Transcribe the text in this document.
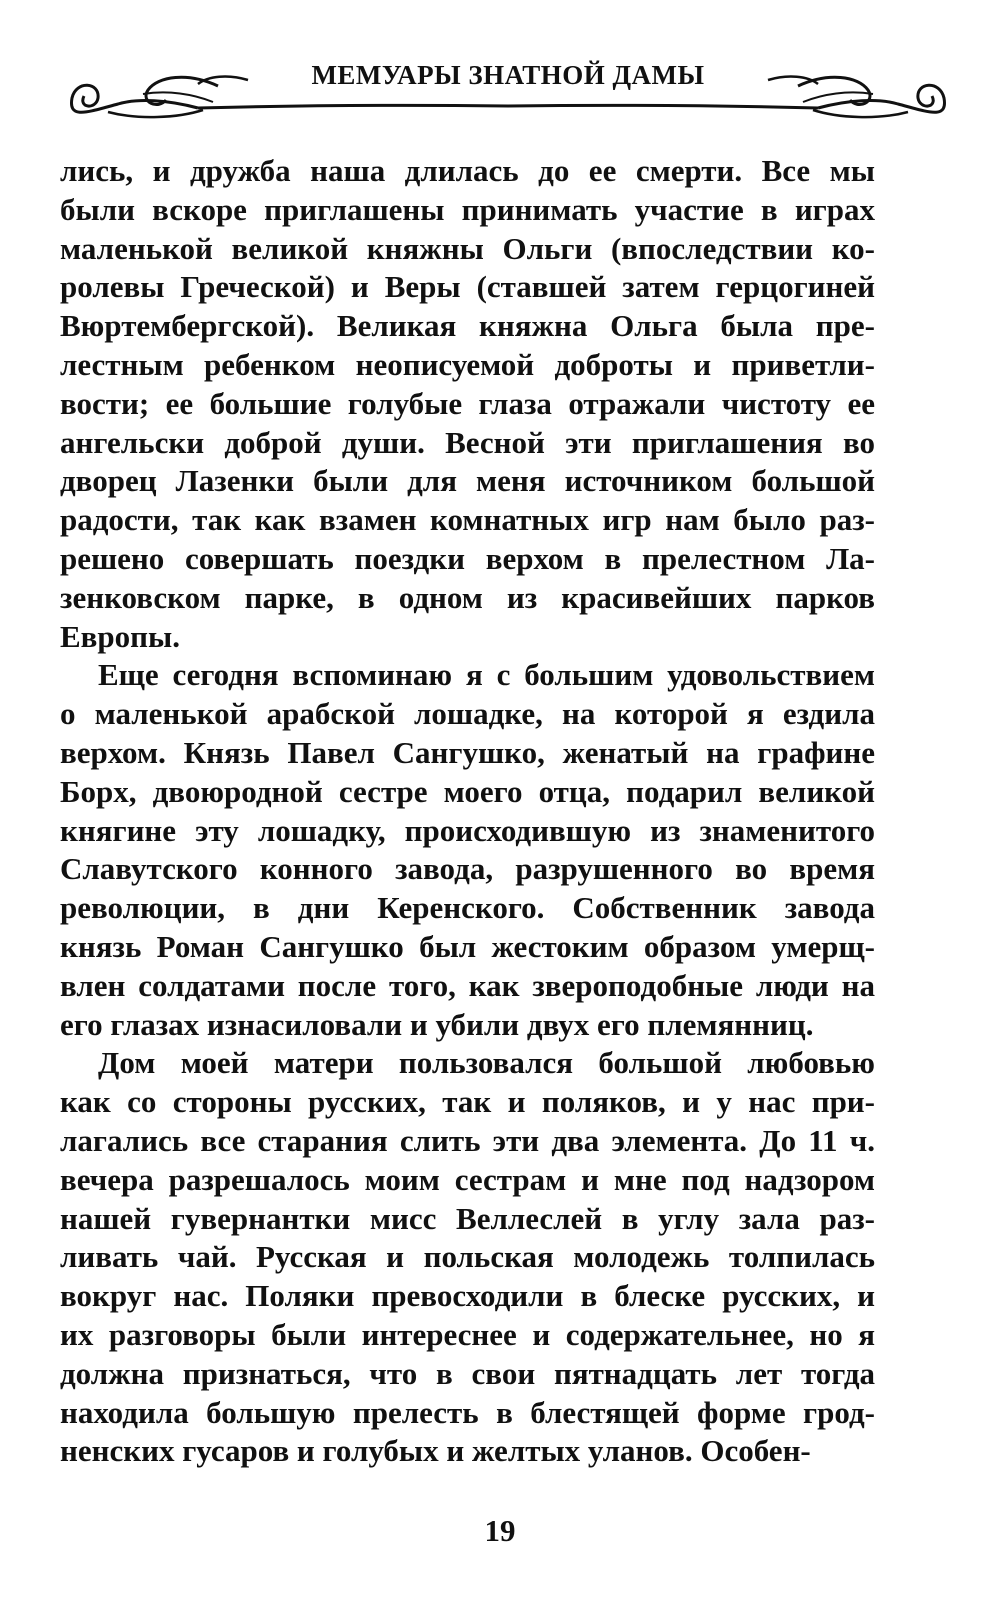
МЕМУАРЫ ЗНАТНОЙ ДАМЫ
лись, и дружба наша длилась до ее смерти. Все мы
были вскоре приглашены принимать участие в играх
маленькой великой княжны Ольги (впоследствии ко-
ролевы Греческой) и Веры (ставшей затем герцогиней
Вюртембергской). Великая княжна Ольга была пре-
лестным ребенком неописуемой доброты и приветли-
вости; ее большие голубые глаза отражали чистоту ее
ангельски доброй души. Весной эти приглашения во
дворец Лазенки были для меня источником большой
радости, так как взамен комнатных игр нам было раз-
решено совершать поездки верхом в прелестном Ла-
зенковском парке, в одном из красивейших парков
Европы.
Еще сегодня вспоминаю я с большим удовольствием
о маленькой арабской лошадке, на которой я ездила
верхом. Князь Павел Сангушко, женатый на графине
Борх, двоюродной сестре моего отца, подарил великой
княгине эту лошадку, происходившую из знаменитого
Славутского конного завода, разрушенного во время
революции, в дни Керенского. Собственник завода
князь Роман Сангушко был жестоким образом умерщ-
влен солдатами после того, как звероподобные люди на
его глазах изнасиловали и убили двух его племянниц.
Дом моей матери пользовался большой любовью
как со стороны русских, так и поляков, и у нас при-
лагались все старания слить эти два элемента. До 11 ч.
вечера разрешалось моим сестрам и мне под надзором
нашей гувернантки мисс Веллеслей в углу зала раз-
ливать чай. Русская и польская молодежь толпилась
вокруг нас. Поляки превосходили в блеске русских, и
их разговоры были интереснее и содержательнее, но я
должна признаться, что в свои пятнадцать лет тогда
находила большую прелесть в блестящей форме грод-
ненских гусаров и голубых и желтых уланов. Особен-
19
